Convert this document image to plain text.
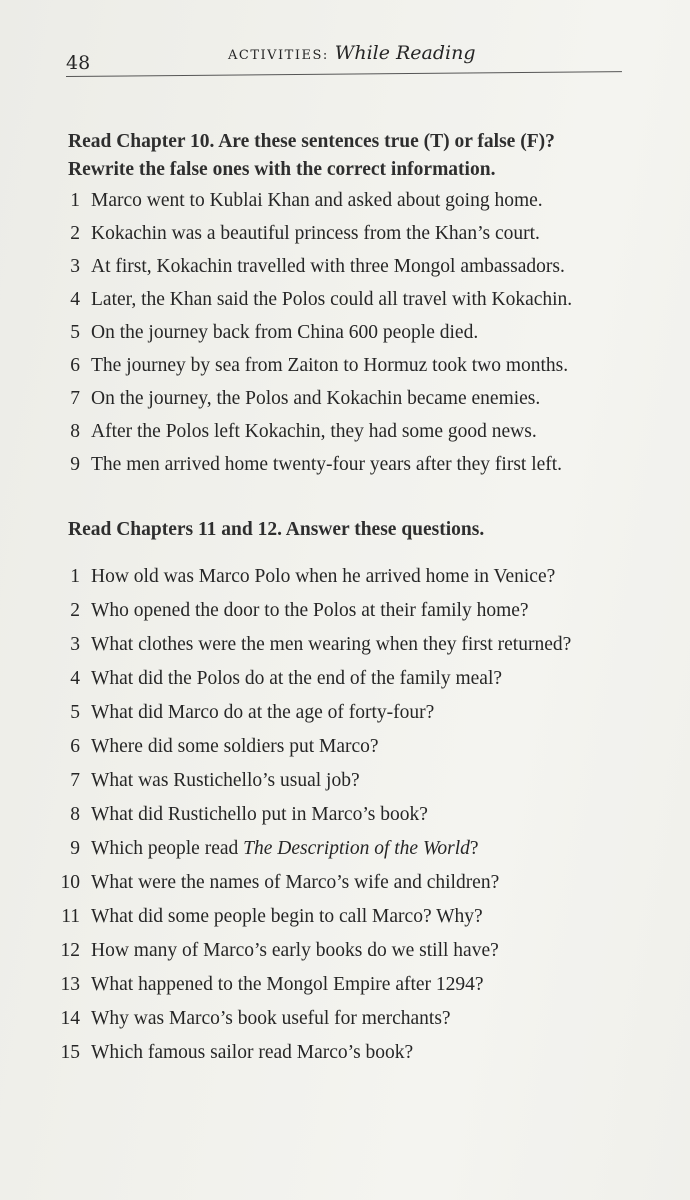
48	ACTIVITIES: While Reading
Read Chapter 10. Are these sentences true (T) or false (F)?
Rewrite the false ones with the correct information.
1 Marco went to Kublai Khan and asked about going home.
2 Kokachin was a beautiful princess from the Khan’s court.
3 At first, Kokachin travelled with three Mongol ambassadors.
4 Later, the Khan said the Polos could all travel with Kokachin.
5 On the journey back from China 600 people died.
6 The journey by sea from Zaiton to Hormuz took two months.
7 On the journey, the Polos and Kokachin became enemies.
8 After the Polos left Kokachin, they had some good news.
9 The men arrived home twenty-four years after they first left.
Read Chapters 11 and 12. Answer these questions.
1 How old was Marco Polo when he arrived home in Venice?
2 Who opened the door to the Polos at their family home?
3 What clothes were the men wearing when they first returned?
4 What did the Polos do at the end of the family meal?
5 What did Marco do at the age of forty-four?
6 Where did some soldiers put Marco?
7 What was Rustichello’s usual job?
8 What did Rustichello put in Marco’s book?
9 Which people read The Description of the World?
10 What were the names of Marco’s wife and children?
11 What did some people begin to call Marco? Why?
12 How many of Marco’s early books do we still have?
13 What happened to the Mongol Empire after 1294?
14 Why was Marco’s book useful for merchants?
15 Which famous sailor read Marco’s book?
